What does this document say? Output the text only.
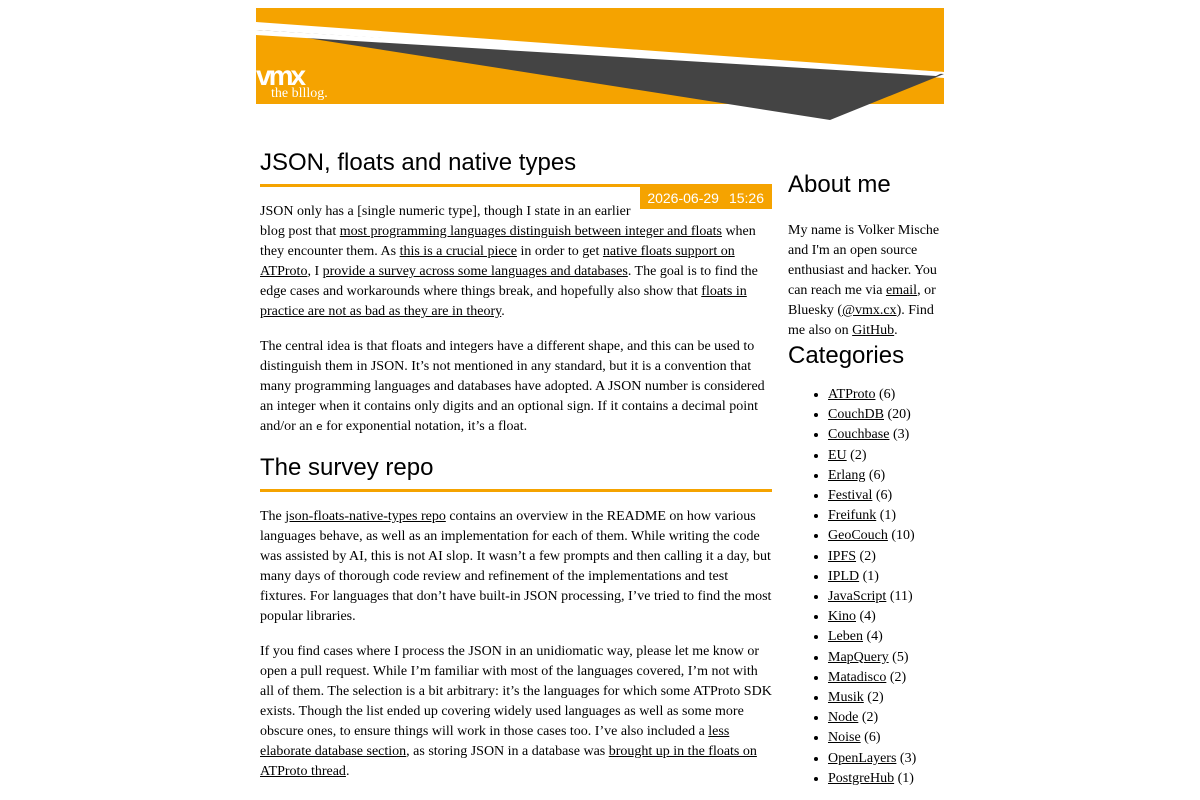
vmx
the blllog.
JSON, floats and native types
2026-06-29 15:26

JSON only has a [single numeric type], though I state in an earlier blog post that most programming languages distinguish between integer and floats when they encounter them. As this is a crucial piece in order to get native floats support on ATProto, I provide a survey across some languages and databases. The goal is to find the edge cases and workarounds where things break, and hopefully also show that floats in practice are not as bad as they are in theory.

The central idea is that floats and integers have a different shape, and this can be used to distinguish them in JSON. It’s not mentioned in any standard, but it is a convention that many programming languages and databases have adopted. A JSON number is considered an integer when it contains only digits and an optional sign. If it contains a decimal point and/or an e for exponential notation, it’s a float.

The survey repo

The json-floats-native-types repo contains an overview in the README on how various languages behave, as well as an implementation for each of them. While writing the code was assisted by AI, this is not AI slop. It wasn’t a few prompts and then calling it a day, but many days of thorough code review and refinement of the implementations and test fixtures. For languages that don’t have built-in JSON processing, I’ve tried to find the most popular libraries.

If you find cases where I process the JSON in an unidiomatic way, please let me know or open a pull request. While I’m familiar with most of the languages covered, I’m not with all of them. The selection is a bit arbitrary: it’s the languages for which some ATProto SDK exists. Though the list ended up covering widely used languages as well as some more obscure ones, to ensure things will work in those cases too. I’ve also included a less elaborate database section, as storing JSON in a database was brought up in the floats on ATProto thread.

About me

My name is Volker Mische and I'm an open source enthusiast and hacker. You can reach me via email, or Bluesky (@vmx.cx). Find me also on GitHub.

Categories
• ATProto (6)
• CouchDB (20)
• Couchbase (3)
• EU (2)
• Erlang (6)
• Festival (6)
• Freifunk (1)
• GeoCouch (10)
• IPFS (2)
• IPLD (1)
• JavaScript (11)
• Kino (4)
• Leben (4)
• MapQuery (5)
• Matadisco (2)
• Musik (2)
• Node (2)
• Noise (6)
• OpenLayers (3)
• PostgreHub (1)
